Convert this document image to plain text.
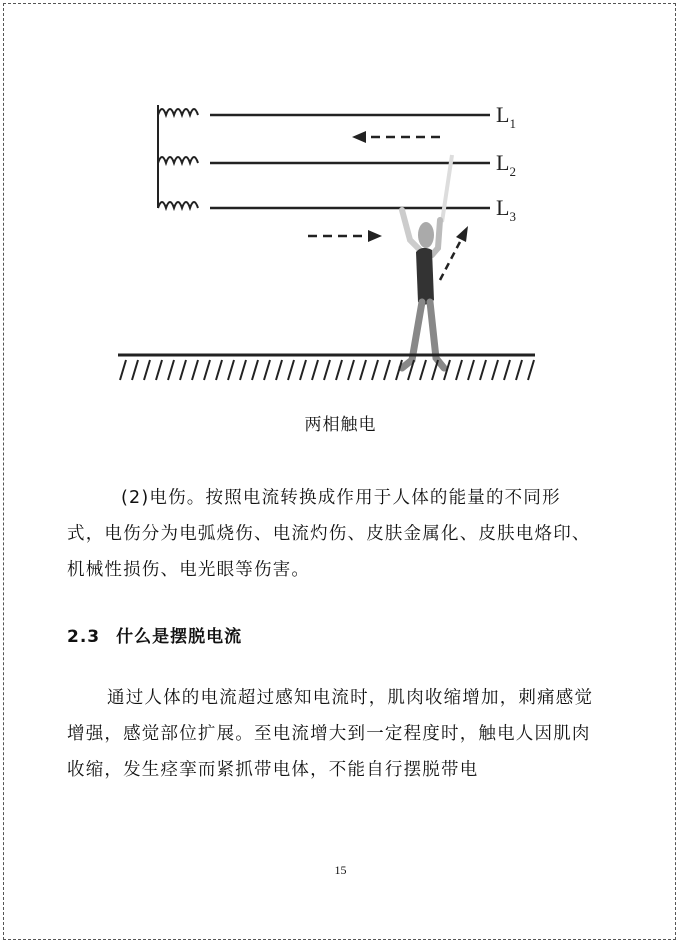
$L_1$
$L_2$
$L_3$
两相触电

(2)电伤。按照电流转换成作用于人体的能量的不同形式，电伤分为电弧烧伤、电流灼伤、皮肤金属化、皮肤电烙印、机械性损伤、电光眼等伤害。

2.3 什么是摆脱电流

通过人体的电流超过感知电流时，肌肉收缩增加，刺痛感觉增强，感觉部位扩展。至电流增大到一定程度时，触电人因肌肉收缩，发生痉挛而紧抓带电体，不能自行摆脱带电

15
